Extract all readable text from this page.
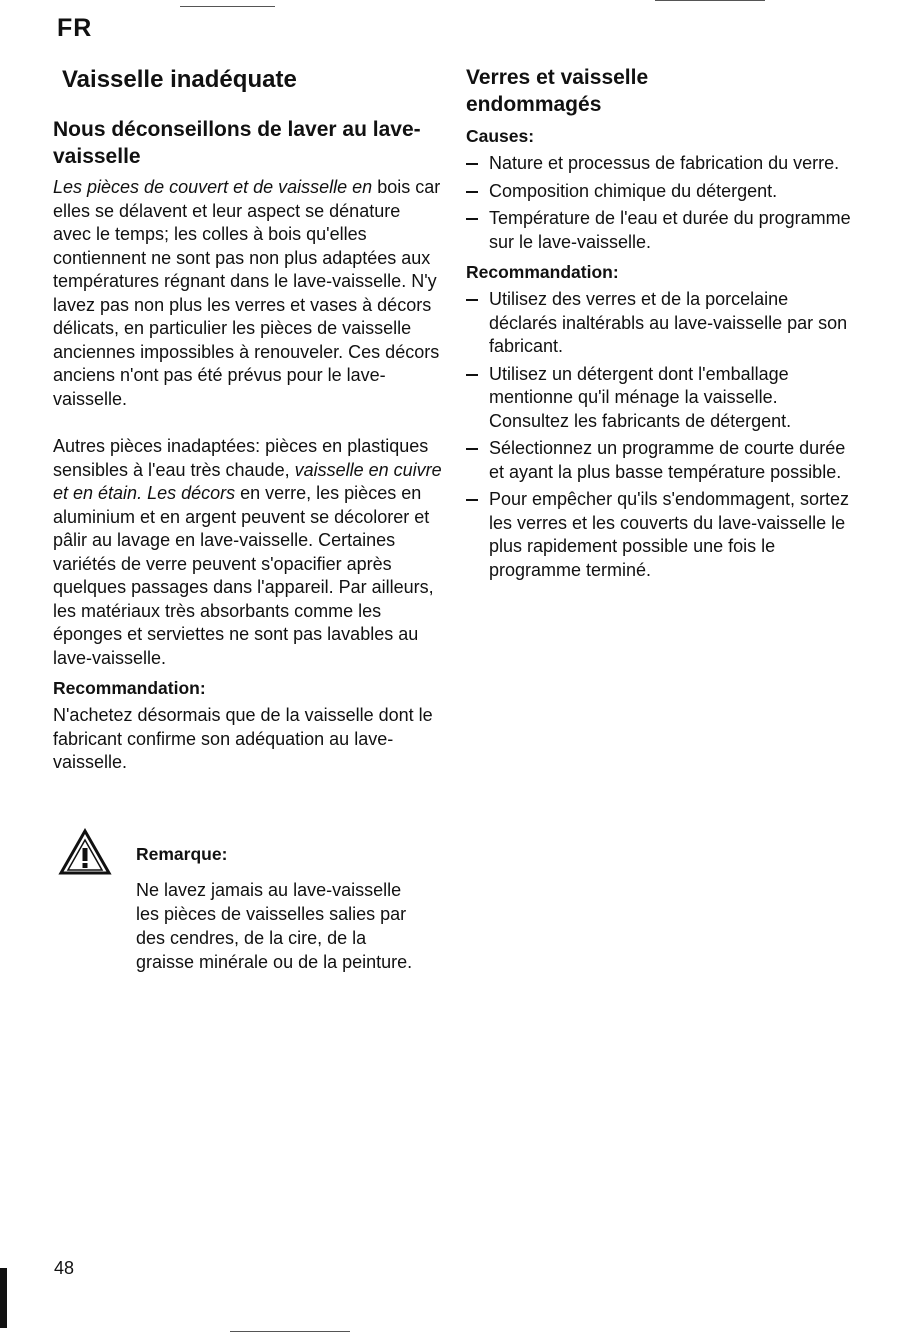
FR
Vaisselle inadéquate
Nous déconseillons de laver au lave-vaisselle

Les pièces de couvert et de vaisselle en bois car elles se délavent et leur aspect se dénature avec le temps; les colles à bois qu'elles contiennent ne sont pas non plus adaptées aux températures régnant dans le lave-vaisselle. N'y lavez pas non plus les verres et vases à décors délicats, en particulier les pièces de vaisselle anciennes impossibles à renouveler. Ces décors anciens n'ont pas été prévus pour le lave-vaisselle.

Autres pièces inadaptées: pièces en plastiques sensibles à l'eau très chaude, vaisselle en cuivre et en étain. Les décors en verre, les pièces en aluminium et en argent peuvent se décolorer et pâlir au lavage en lave-vaisselle. Certaines variétés de verre peuvent s'opacifier après quelques passages dans l'appareil. Par ailleurs, les matériaux très absorbants comme les éponges et serviettes ne sont pas lavables au lave-vaisselle.

Recommandation:

N'achetez désormais que de la vaisselle dont le fabricant confirme son adéquation au lave-vaisselle.

Remarque:
Ne lavez jamais au lave-vaisselle les pièces de vaisselles salies par des cendres, de la cire, de la graisse minérale ou de la peinture.
Verres et vaisselle endommagés
Causes:
Nature et processus de fabrication du verre.
Composition chimique du détergent.
Température de l'eau et durée du programme sur le lave-vaisselle.
Recommandation:
Utilisez des verres et de la porcelaine déclarés inaltérabls au lave-vaisselle par son fabricant.
Utilisez un détergent dont l'emballage mentionne qu'il ménage la vaisselle. Consultez les fabricants de détergent.
Sélectionnez un programme de courte durée et ayant la plus basse température possible.
Pour empêcher qu'ils s'endommagent, sortez les verres et les couverts du lave-vaisselle le plus rapidement possible une fois le programme terminé.
48
